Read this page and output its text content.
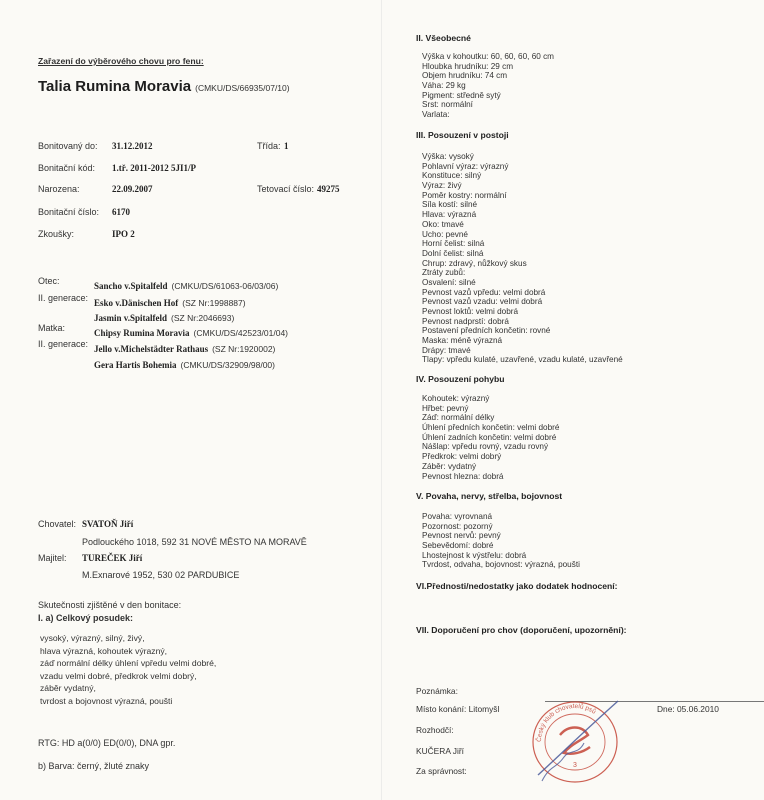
Zařazení do výběrového chovu pro fenu:
Talia Rumina Moravia (CMKU/DS/66935/07/10)
Bonitovaný do: 31.12.2012	Třída: 1
Bonitační kód: 1.tř. 2011-2012 5JI1/P
Narozena:	22.09.2007	Tetovací číslo: 49275
Bonitační číslo: 6170
Zkoušky:	IPO 2
Otec:	Sancho v.Spitalfeld (CMKU/DS/61063-06/03/06)
II. generace: Esko v.Dänischen Hof (SZ Nr:1998887)
Jasmin v.Spitalfeld (SZ Nr:2046693)
Matka:	Chipsy Rumina Moravia (CMKU/DS/42523/01/04)
II. generace: Jello v.Michelstädter Rathaus (SZ Nr:1920002)
Gera Hartis Bohemia (CMKU/DS/32909/98/00)
Chovatel: SVATOŇ Jiří
Podlouckého 1018, 592 31 NOVÉ MĚSTO NA MORAVĚ
Majitel: TUREČEK Jiří
M.Exnarové 1952, 530 02 PARDUBICE
Skutečnosti zjištěné v den bonitace:
I. a) Celkový posudek:
vysoký, výrazný, silný, živý,
hlava výrazná, kohoutek výrazný,
záď normální délky úhlení vpředu velmi dobré,
vzadu velmi dobré, předkrok velmi dobrý,
záběr vydatný,
tvrdost a bojovnost výrazná, poušti
RTG: HD a(0/0) ED(0/0), DNA gpr.
b) Barva: černý, žluté znaky
II. Všeobecné
Výška v kohoutku: 60, 60, 60, 60 cm
Hloubka hrudníku: 29 cm
Objem hrudníku: 74 cm
Váha: 29 kg
Pigment: středně sytý
Srst: normální
Varlata:
III. Posouzení v postoji
Výška: vysoký
Pohlavní výraz: výrazný
Konstituce: silný
Výraz: živý
Poměr kostry: normální
Síla kostí: silné
Hlava: výrazná
Oko: tmavé
Ucho: pevné
Horní čelist: silná
Dolní čelist: silná
Chrup: zdravý, nůžkový skus
Ztráty zubů:
Osvalení: silné
Pevnost vazů vpředu: velmi dobrá
Pevnost vazů vzadu: velmi dobrá
Pevnost loktů: velmi dobrá
Pevnost nadprstí: dobrá
Postavení předních končetin: rovné
Maska: méně výrazná
Drápy: tmavé
Tlapy: vpředu kulaté, uzavřené, vzadu kulaté, uzavřené
IV. Posouzení pohybu
Kohoutek: výrazný
Hřbet: pevný
Záď: normální délky
Úhlení předních končetin: velmi dobré
Úhlení zadních končetin: velmi dobré
Nášlap: vpředu rovný, vzadu rovný
Předkrok: velmi dobrý
Záběr: vydatný
Pevnost hlezna: dobrá
V. Povaha, nervy, střelba, bojovnost
Povaha: vyrovnaná
Pozornost: pozorný
Pevnost nervů: pevný
Sebevědomí: dobré
Lhostejnost k výstřelu: dobrá
Tvrdost, odvaha, bojovnost: výrazná, poušti
VI.Přednosti/nedostatky jako dodatek hodnocení:
VII. Doporučení pro chov (doporučení, upozornění):
Poznámka:
Místo konání: Litomyšl	Dne: 05.06.2010
Rozhodčí:
KUČERA Jiří
Za správnost:
Český klub chovatelů psů
3
